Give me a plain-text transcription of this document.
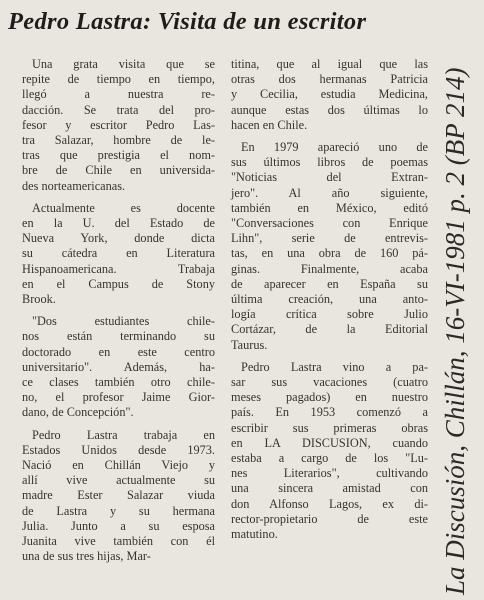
Pedro Lastra: Visita de un escritor

Una grata visita que se
repite de tiempo en tiempo,
llegó a nuestra re-
dacción. Se trata del pro-
fesor y escritor Pedro Las-
tra Salazar, hombre de le-
tras que prestigia el nom-
bre de Chile en universida-
des norteamericanas.

Actualmente es docente
en la U. del Estado de
Nueva York, donde dicta
su cátedra en Literatura
Hispanoamericana. Trabaja
en el Campus de Stony
Brook.

"Dos estudiantes chile-
nos están terminando su
doctorado en este centro
universitario". Además, ha-
ce clases también otro chile-
no, el profesor Jaime Gior-
dano, de Concepción".

Pedro Lastra trabaja en
Estados Unidos desde 1973.
Nació en Chillán Viejo y
allí vive actualmente su
madre Ester Salazar viuda
de Lastra y su hermana
Julia. Junto a su esposa
Juanita vive también con él
una de sus tres hijas, Mar-

titina, que al igual que las
otras dos hermanas Patricia
y Cecilia, estudia Medicina,
aunque estas dos últimas lo
hacen en Chile.

En 1979 apareció uno de
sus últimos libros de poemas
"Noticias del Extran-
jero". Al año siguiente,
también en México, editó
"Conversaciones con Enrique
Lihn", serie de entrevis-
tas, en una obra de 160 pá-
ginas. Finalmente, acaba
de aparecer en España su
última creación, una anto-
logía crítica sobre Julio
Cortázar, de la Editorial
Taurus.

Pedro Lastra vino a pa-
sar sus vacaciones (cuatro
meses pagados) en nuestro
país. En 1953 comenzó a
escribir sus primeras obras
en LA DISCUSION, cuando
estaba a cargo de los "Lu-
nes Literarios", cultivando
una sincera amistad con
don Alfonso Lagos, ex di-
rector-propietario de este
matutino.	La Discusión, Chillán, 16-VI-1981 p. 2 (BP 214)
